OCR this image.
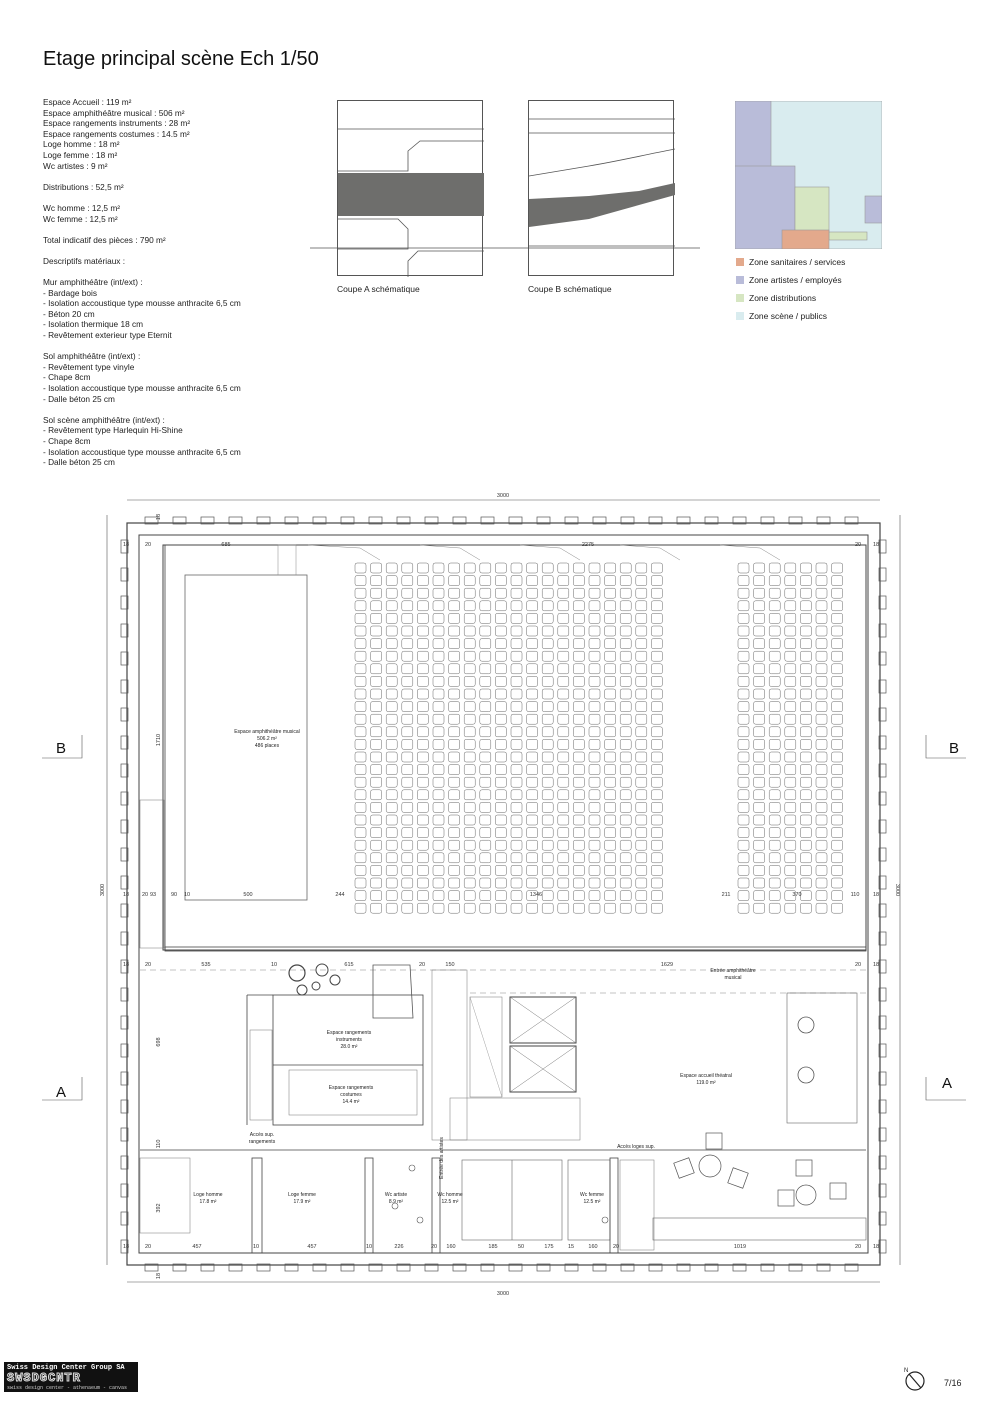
Etage principal scène Ech 1/50
Espace Accueil : 119 m²
Espace amphithéâtre musical : 506 m²
Espace rangements instruments : 28 m²
Espace rangements costumes : 14.5 m²
Loge homme : 18 m²
Loge femme : 18 m²
Wc artistes : 9 m²
Distributions : 52,5 m²
Wc homme : 12,5 m²
Wc femme : 12,5 m²
Total indicatif des pièces : 790 m²
Descriptifs matériaux :
Mur amphithéâtre (int/ext) :
- Bardage bois
- Isolation accoustique type mousse anthracite 6,5 cm
- Béton 20 cm
- Isolation thermique 18 cm
- Revêtement exterieur type Eternit
Sol amphithéâtre (int/ext) :
- Revêtement type vinyle
- Chape 8cm
- Isolation accoustique type mousse anthracite 6,5 cm
- Dalle béton 25 cm
Sol scène amphithéâtre (int/ext) :
- Revêtement type Harlequin Hi-Shine
- Chape 8cm
- Isolation accoustique type mousse anthracite 6,5 cm
- Dalle béton 25 cm
Coupe A schématique	Coupe B schématique
Zone sanitaires / services
Zone artistes / employés
Zone distributions
Zone scène / publics
Espace amphithéâtre musical
506.2 m²
486 places
Espace rangements
instruments
28.0 m²
Espace rangements
costumes
14.4 m²
Espace accueil théatral
119.0 m²
Loge homme
17.8 m²
Loge femme
17.9 m²
Wc artiste
8.9 m²
Wc homme
12.5 m²
Wc femme
12.5 m²
Entrée amphithéâtre
musical
Accès sup.
rangements
Accès loges sup.
Entrée des artistes
3000
3000
3000	3000
18	20	685	2275	20 18
18 20 93	90 10	500	244	1346	211	370	110 18
18	20	535	10	615	20	150	1629	20 18
18	20	457	10	457	10	226	20 160	185	50	175	15	160	20	1019	20 18
18
1710
698
110
392
18
B	B
A
A
Swiss Design Center Group SA
SWSDGCNTR
swiss design center - athenaeum - canvas
N
7/16
